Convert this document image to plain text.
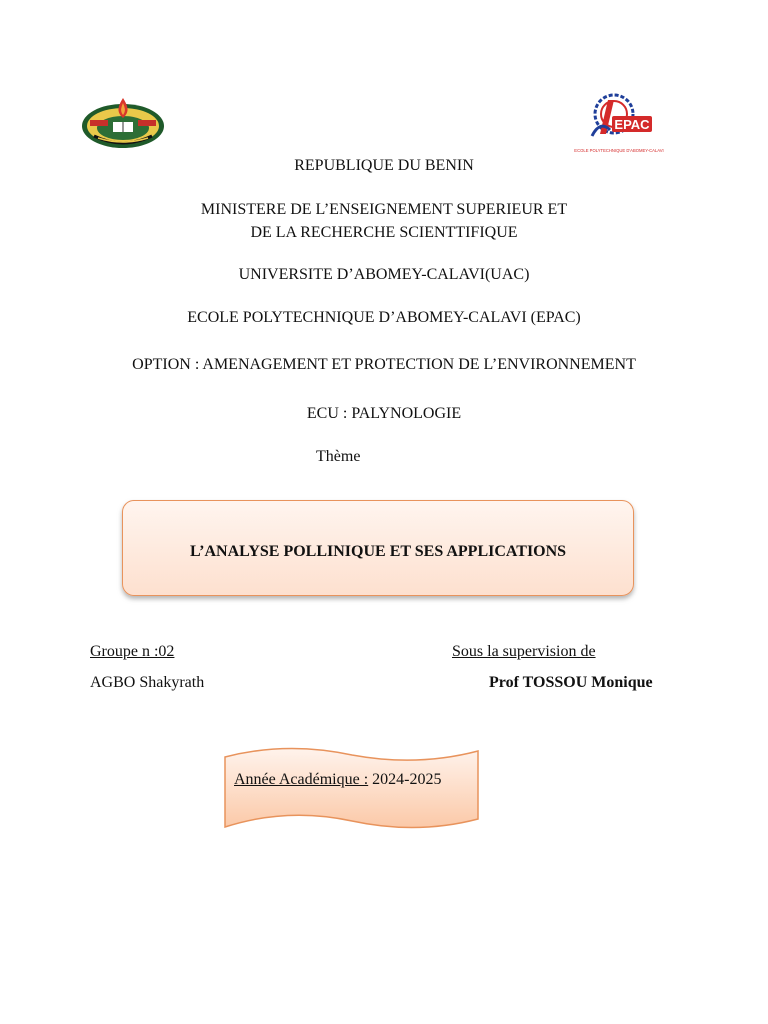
EPAC
ECOLE POLYTECHNIQUE D'ABOMEY-CALAVI
REPUBLIQUE DU BENIN
MINISTERE DE L’ENSEIGNEMENT SUPERIEUR ET
DE LA RECHERCHE SCIENTTIFIQUE
UNIVERSITE D’ABOMEY-CALAVI(UAC)
ECOLE POLYTECHNIQUE D’ABOMEY-CALAVI (EPAC)
OPTION : AMENAGEMENT ET PROTECTION DE L’ENVIRONNEMENT
ECU : PALYNOLOGIE
Thème
L’ANALYSE POLLINIQUE ET SES APPLICATIONS
Groupe n :02
AGBO Shakyrath
Sous la supervision de
Prof TOSSOU Monique
Année Académique : 2024-2025
